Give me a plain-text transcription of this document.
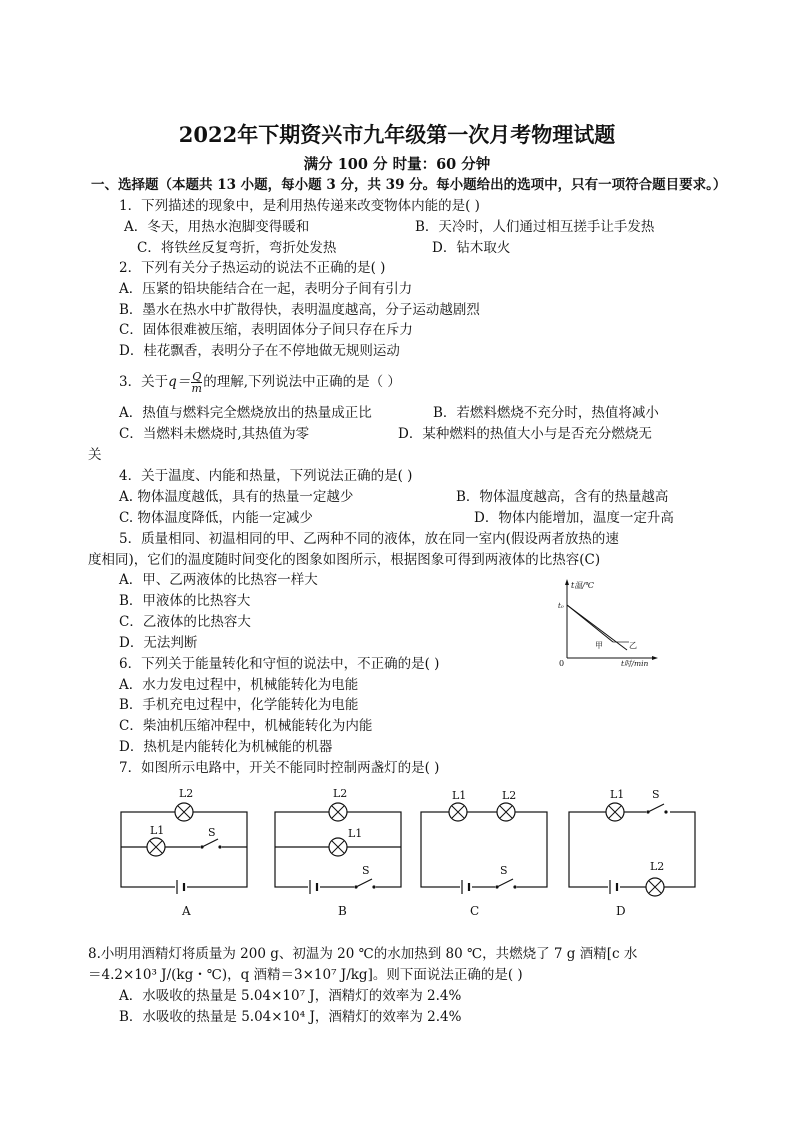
2022年下期资兴市九年级第一次月考物理试题
满分 100 分 时量：60 分钟
一、选择题（本题共 13 小题，每小题 3 分，共 39 分。每小题给出的选项中，只有一项符合题目要求。）
1．下列描述的现象中，是利用热传递来改变物体内能的是( )
A．冬天，用热水泡脚变得暖和	B．天冷时，人们通过相互搓手让手发热
C．将铁丝反复弯折，弯折处发热	D．钻木取火
2．下列有关分子热运动的说法不正确的是( )
A．压紧的铅块能结合在一起，表明分子间有引力
B．墨水在热水中扩散得快，表明温度越高，分子运动越剧烈
C．固体很难被压缩，表明固体分子间只存在斥力
D．桂花飘香，表明分子在不停地做无规则运动
3．关于$q= \frac{Q}{m}$ 的理解,下列说法中正确的是（ ）
A．热值与燃料完全燃烧放出的热量成正比	B．若燃料燃烧不充分时，热值将减小
C．当燃料未燃烧时,其热值为零	D．某种燃料的热值大小与是否充分燃烧无
关
4．关于温度、内能和热量，下列说法正确的是( )
A. 物体温度越低，具有的热量一定越少	B．物体温度越高，含有的热量越高
C. 物体温度降低，内能一定减少	D．物体内能增加，温度一定升高
5．质量相同、初温相同的甲、乙两种不同的液体，放在同一室内(假设两者放热的速
度相同)，它们的温度随时间变化的图象如图所示，根据图象可得到两液体的比热容(C)
A．甲、乙两液体的比热容一样大
B．甲液体的比热容大
C．乙液体的比热容大
D．无法判断
t温/℃
t₀
0
甲	乙
t时/min
6．下列关于能量转化和守恒的说法中，不正确的是( )
A．水力发电过程中，机械能转化为电能
B．手机充电过程中，化学能转化为电能
C．柴油机压缩冲程中，机械能转化为内能
D．热机是内能转化为机械能的机器
7．如图所示电路中，开关不能同时控制两盏灯的是( )
L2
L1	S
A
L2
L1
S
B
L1	L2
S
C
L1	S
L2
D
8.小明用酒精灯将质量为 200 g、初温为 20 ℃的水加热到 80 ℃，共燃烧了 7 g 酒精[c 水
＝4.2×10³ J/(kg・℃)，q 酒精＝3×10⁷ J/kg]。则下面说法正确的是( )
A．水吸收的热量是 5.04×10⁷ J，酒精灯的效率为 2.4%
B．水吸收的热量是 5.04×10⁴ J，酒精灯的效率为 2.4%
